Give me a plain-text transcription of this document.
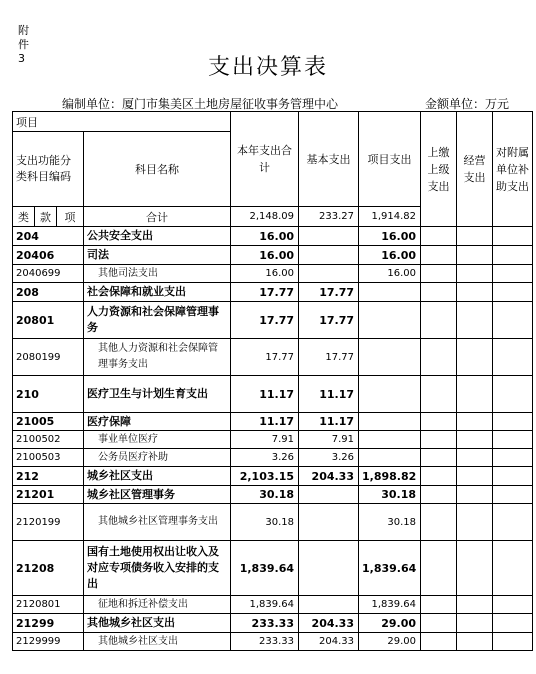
附
件
3	支出决算表
编制单位：厦门市集美区土地房屋征收事务管理中心	金额单位：万元
项目				本年支出合计	基本支出	项目支出	上缴上级支出	经营支出	对附属单位补助支出
支出功能分类科目编码			科目名称						
类	款	项	合计	2,148.09	233.27	1,914.82			
204			公共安全支出	16.00		16.00			
20406			司法	16.00		16.00			
2040699			其他司法支出	16.00		16.00			
208			社会保障和就业支出	17.77	17.77				
20801			人力资源和社会保障管理事务	17.77	17.77				
2080199			其他人力资源和社会保障管理事务支出	17.77	17.77				
210			医疗卫生与计划生育支出	11.17	11.17				
21005			医疗保障	11.17	11.17				
2100502			事业单位医疗	7.91	7.91				
2100503			公务员医疗补助	3.26	3.26				
212			城乡社区支出	2,103.15	204.33	1,898.82			
21201			城乡社区管理事务	30.18		30.18			
2120199			其他城乡社区管理事务支出	30.18		30.18			
21208			国有土地使用权出让收入及对应专项债务收入安排的支出	1,839.64		1,839.64			
2120801			征地和拆迁补偿支出	1,839.64		1,839.64			
21299			其他城乡社区支出	233.33	204.33	29.00			
2129999			其他城乡社区支出	233.33	204.33	29.00			
